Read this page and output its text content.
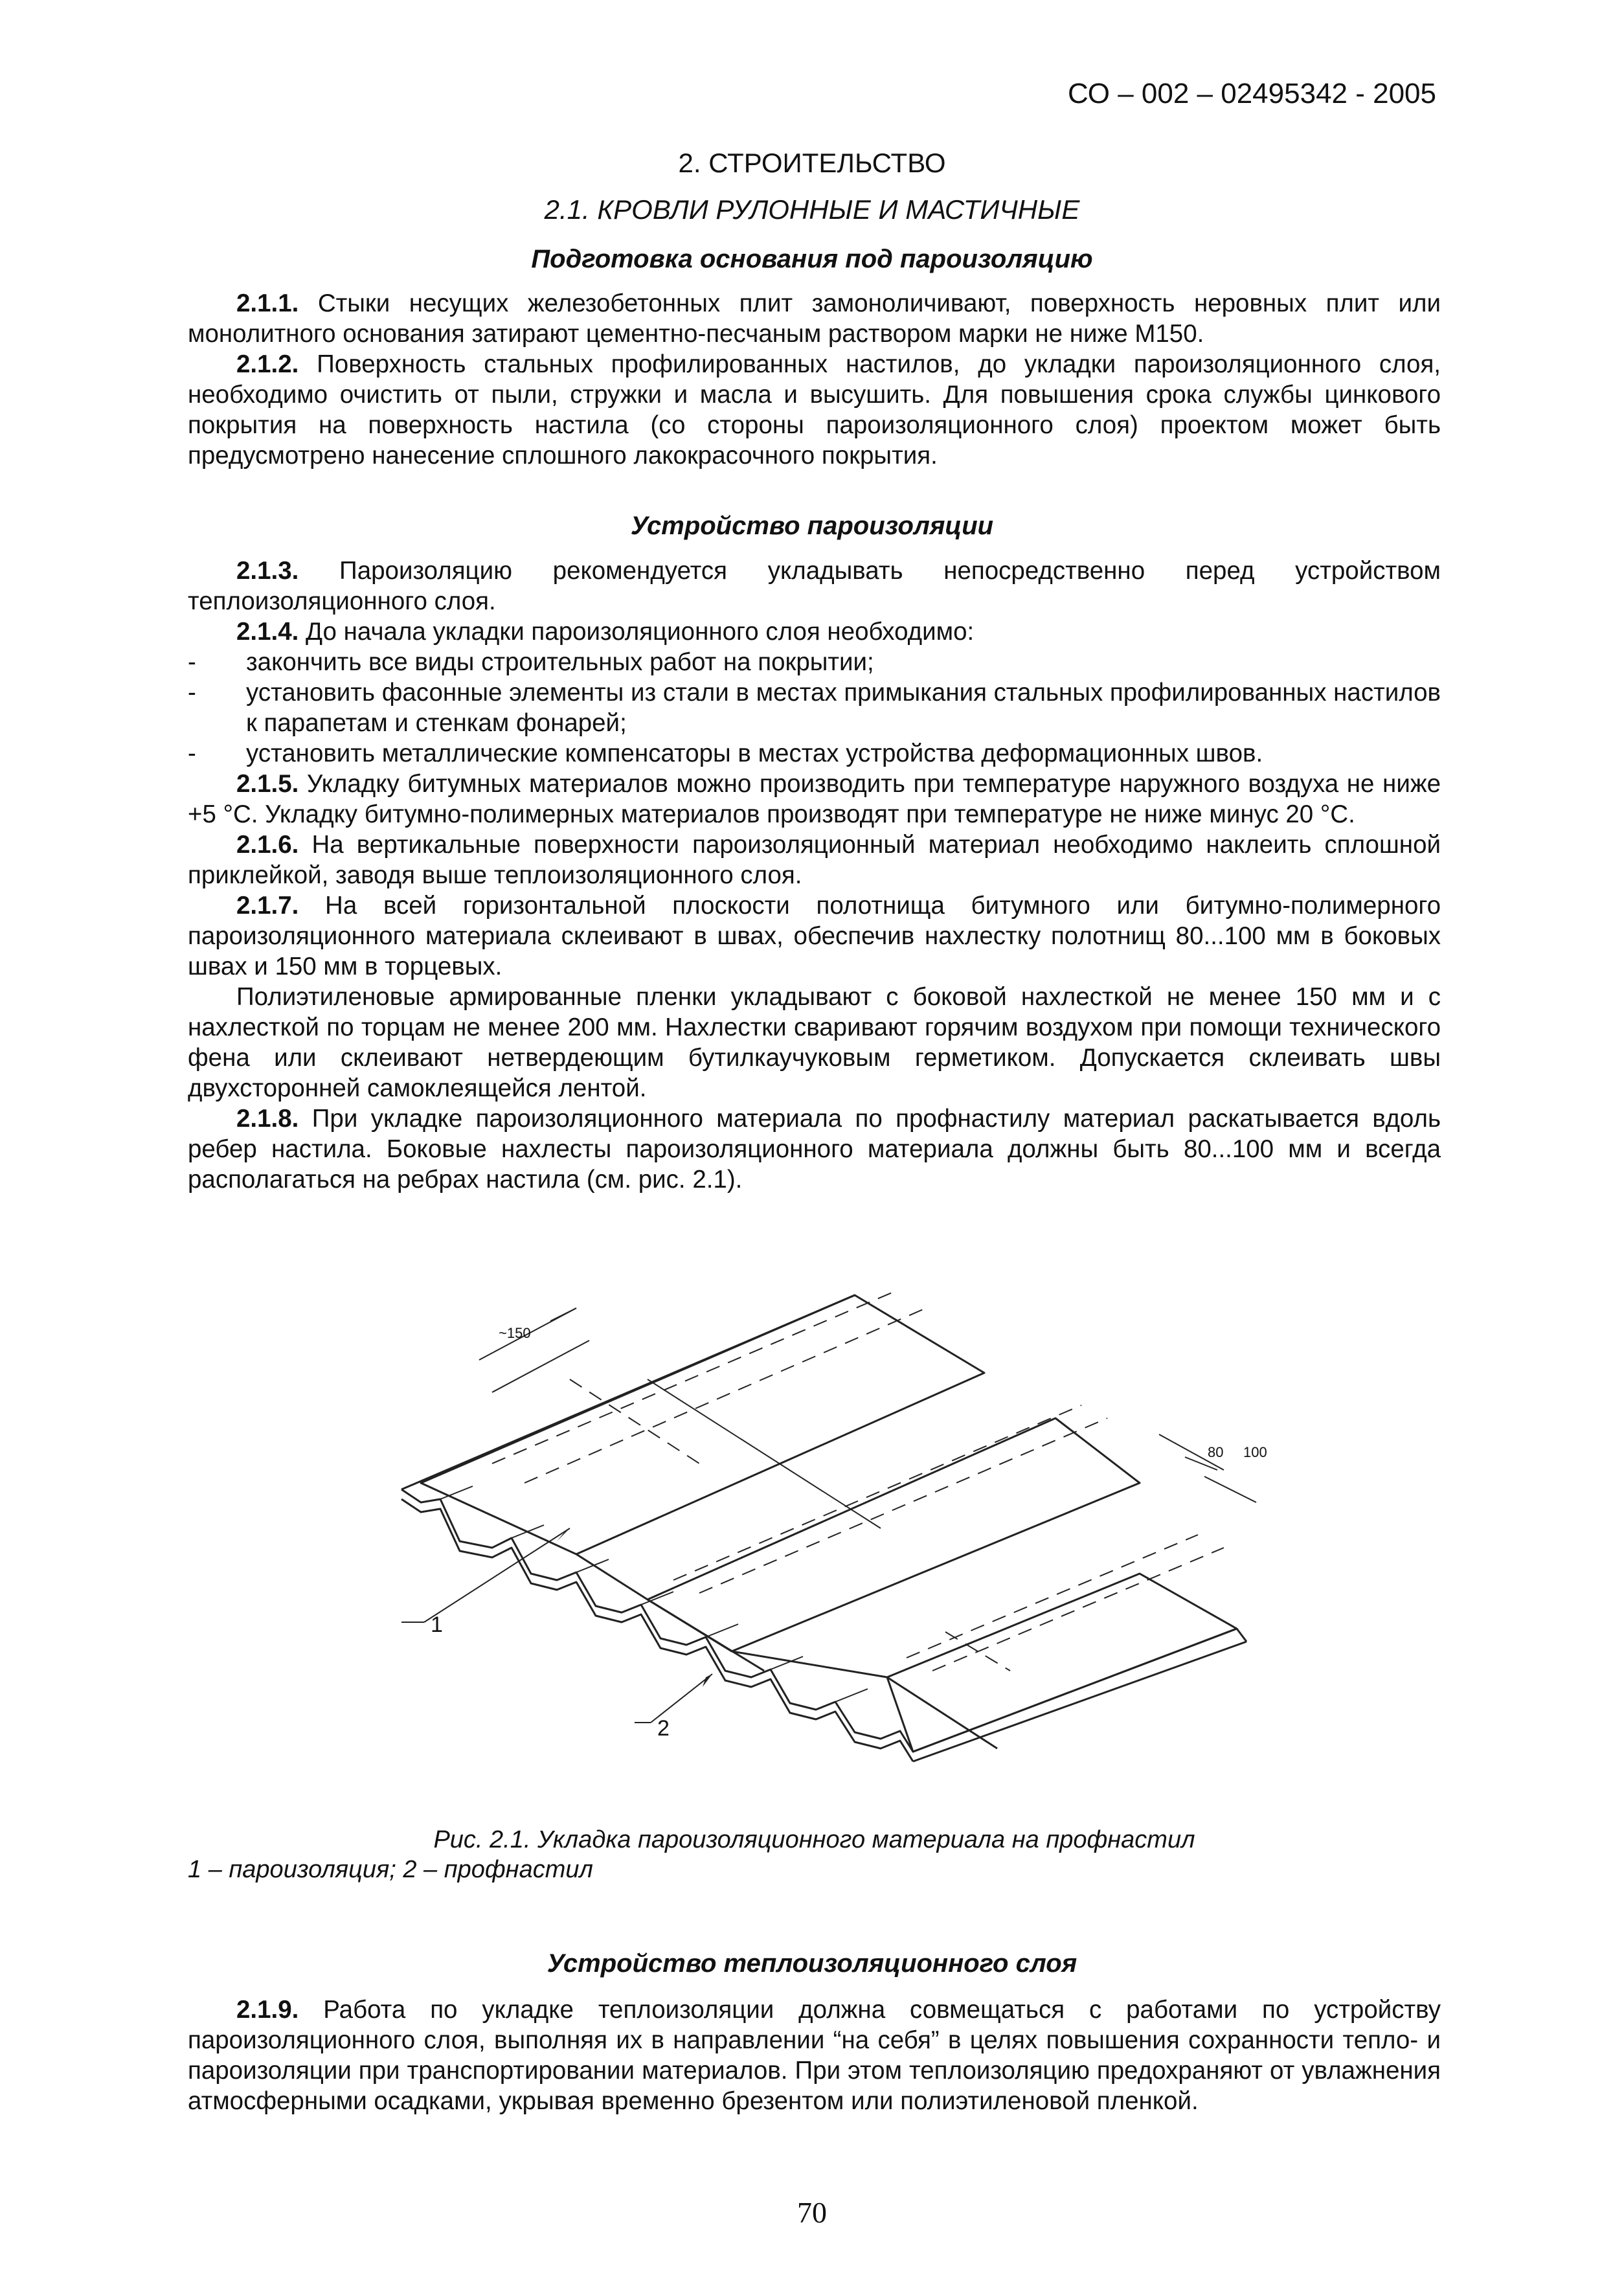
СО – 002 – 02495342 - 2005
2. СТРОИТЕЛЬСТВО
2.1. КРОВЛИ РУЛОННЫЕ И МАСТИЧНЫЕ
Подготовка основания под пароизоляцию

2.1.1. Стыки несущих железобетонных плит замоноличивают, поверхность неровных плит или монолитного основания затирают цементно-песчаным раствором марки не ниже М150.

2.1.2. Поверхность стальных профилированных настилов, до укладки пароизоляционного слоя, необходимо очистить от пыли, стружки и масла и высушить. Для повышения срока службы цинкового покрытия на поверхность настила (со стороны пароизоляционного слоя) проектом может быть предусмотрено нанесение сплошного лакокрасочного покрытия.

Устройство пароизоляции

2.1.3. Пароизоляцию рекомендуется укладывать непосредственно перед устройством теплоизоляционного слоя.

2.1.4. До начала укладки пароизоляционного слоя необходимо:

-	закончить все виды строительных работ на покрытии;
-	установить фасонные элементы из стали в местах примыкания стальных профилированных настилов к парапетам и стенкам фонарей;
-	установить металлические компенсаторы в местах устройства деформационных швов.

2.1.5. Укладку битумных материалов можно производить при температуре наружного воздуха не ниже +5 °С. Укладку битумно-полимерных материалов производят при температуре не ниже минус 20 °С.

2.1.6. На вертикальные поверхности пароизоляционный материал необходимо наклеить сплошной приклейкой, заводя выше теплоизоляционного слоя.

2.1.7. На всей горизонтальной плоскости полотнища битумного или битумно-полимерного пароизоляционного материала склеивают в швах, обеспечив нахлестку полотнищ 80...100 мм в боковых швах и 150 мм в торцевых.

Полиэтиленовые армированные пленки укладывают с боковой нахлесткой не менее 150 мм и с нахлесткой по торцам не менее 200 мм. Нахлестки сваривают горячим воздухом при помощи технического фена или склеивают нетвердеющим бутилкаучуковым герметиком. Допускается склеивать швы двухсторонней самоклеящейся лентой.

2.1.8. При укладке пароизоляционного материала по профнастилу материал раскатывается вдоль ребер настила. Боковые нахлесты пароизоляционного материала должны быть 80...100 мм и всегда располагаться на ребрах настила (см. рис. 2.1).

~150
80 100
1
2
Рис. 2.1. Укладка пароизоляционного материала на профнастил
1 – пароизоляция; 2 – профнастил
Устройство теплоизоляционного слоя

2.1.9. Работа по укладке теплоизоляции должна совмещаться с работами по устройству пароизоляционного слоя, выполняя их в направлении “на себя” в целях повышения сохранности тепло- и пароизоляции при транспортировании материалов. При этом теплоизоляцию предохраняют от увлажнения атмосферными осадками, укрывая временно брезентом или полиэтиленовой пленкой.

70
